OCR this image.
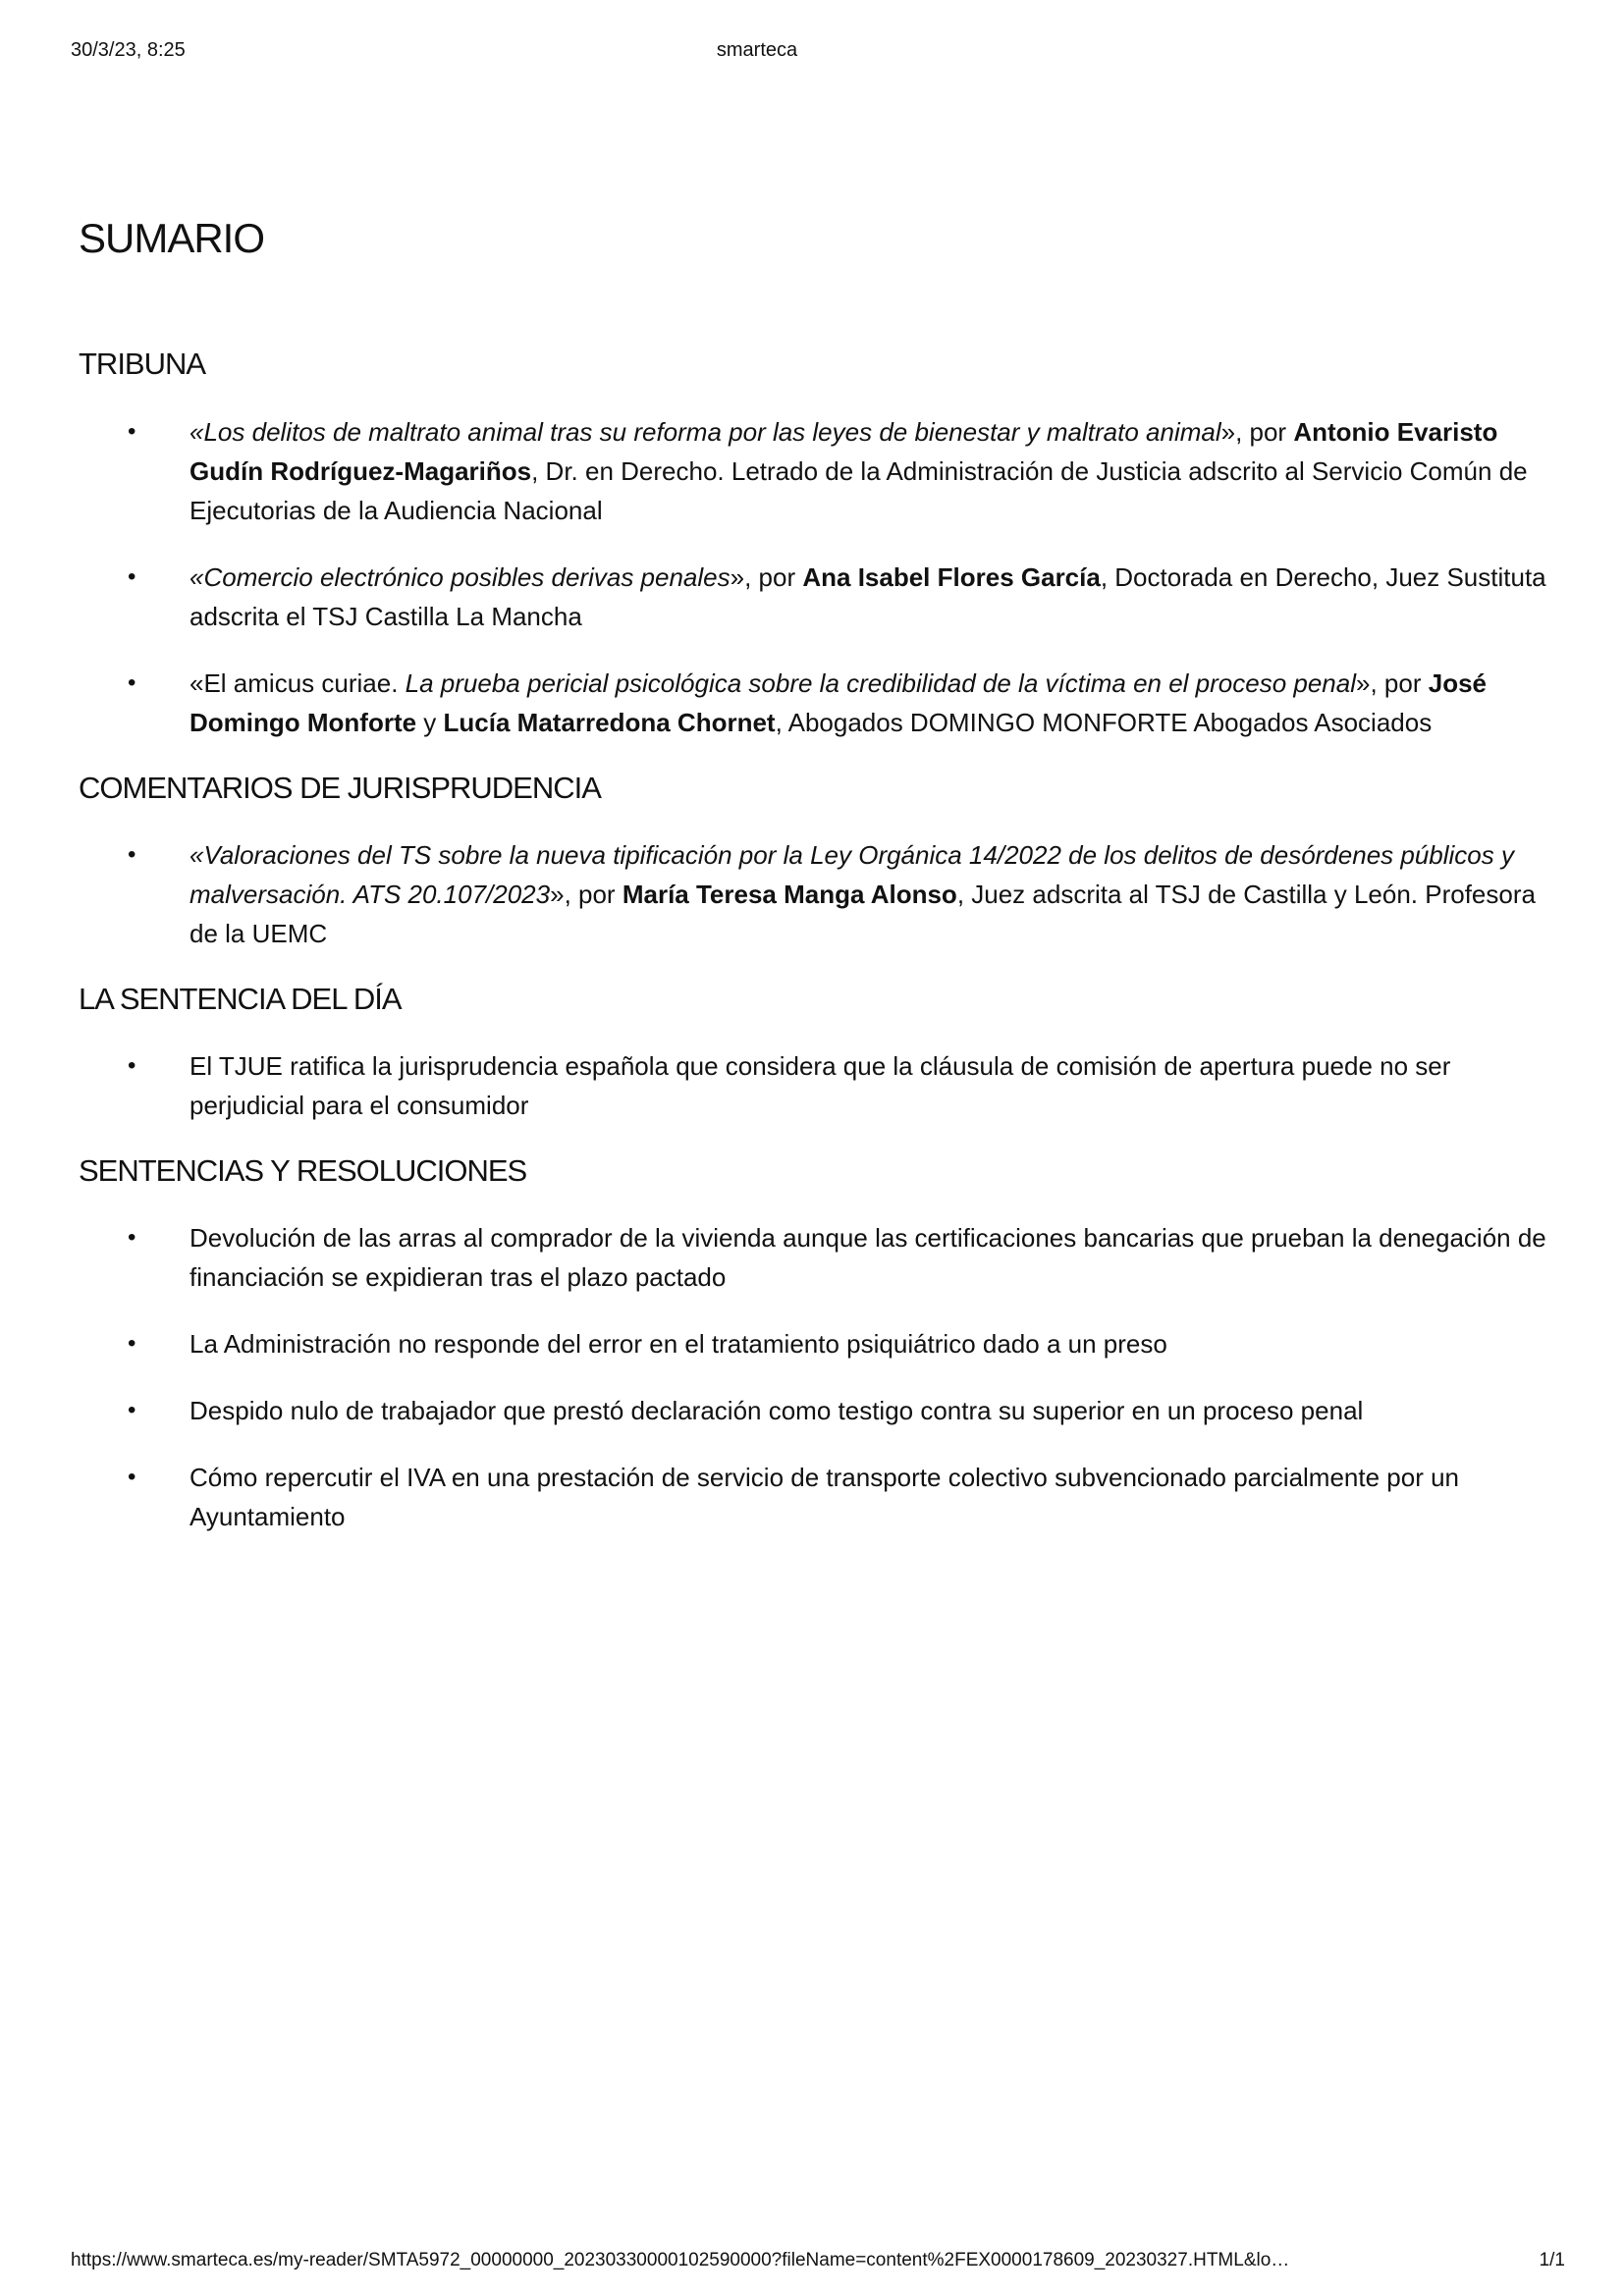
30/3/23, 8:25	smarteca
SUMARIO
TRIBUNA
• «Los delitos de maltrato animal tras su reforma por las leyes de bienestar y maltrato animal», por Antonio Evaristo Gudín Rodríguez-Magariños, Dr. en Derecho. Letrado de la Administración de Justicia adscrito al Servicio Común de Ejecutorias de la Audiencia Nacional
• «Comercio electrónico posibles derivas penales», por Ana Isabel Flores García, Doctorada en Derecho, Juez Sustituta adscrita el TSJ Castilla La Mancha
• «El amicus curiae. La prueba pericial psicológica sobre la credibilidad de la víctima en el proceso penal», por José Domingo Monforte y Lucía Matarredona Chornet, Abogados DOMINGO MONFORTE Abogados Asociados
COMENTARIOS DE JURISPRUDENCIA
• «Valoraciones del TS sobre la nueva tipificación por la Ley Orgánica 14/2022 de los delitos de desórdenes públicos y malversación. ATS 20.107/2023», por María Teresa Manga Alonso, Juez adscrita al TSJ de Castilla y León. Profesora de la UEMC
LA SENTENCIA DEL DÍA
• El TJUE ratifica la jurisprudencia española que considera que la cláusula de comisión de apertura puede no ser perjudicial para el consumidor
SENTENCIAS Y RESOLUCIONES
• Devolución de las arras al comprador de la vivienda aunque las certificaciones bancarias que prueban la denegación de financiación se expidieran tras el plazo pactado
• La Administración no responde del error en el tratamiento psiquiátrico dado a un preso
• Despido nulo de trabajador que prestó declaración como testigo contra su superior en un proceso penal
• Cómo repercutir el IVA en una prestación de servicio de transporte colectivo subvencionado parcialmente por un Ayuntamiento
https://www.smarteca.es/my-reader/SMTA5972_00000000_20230330000102590000?fileName=content%2FEX0000178609_20230327.HTML&lo…	1/1
